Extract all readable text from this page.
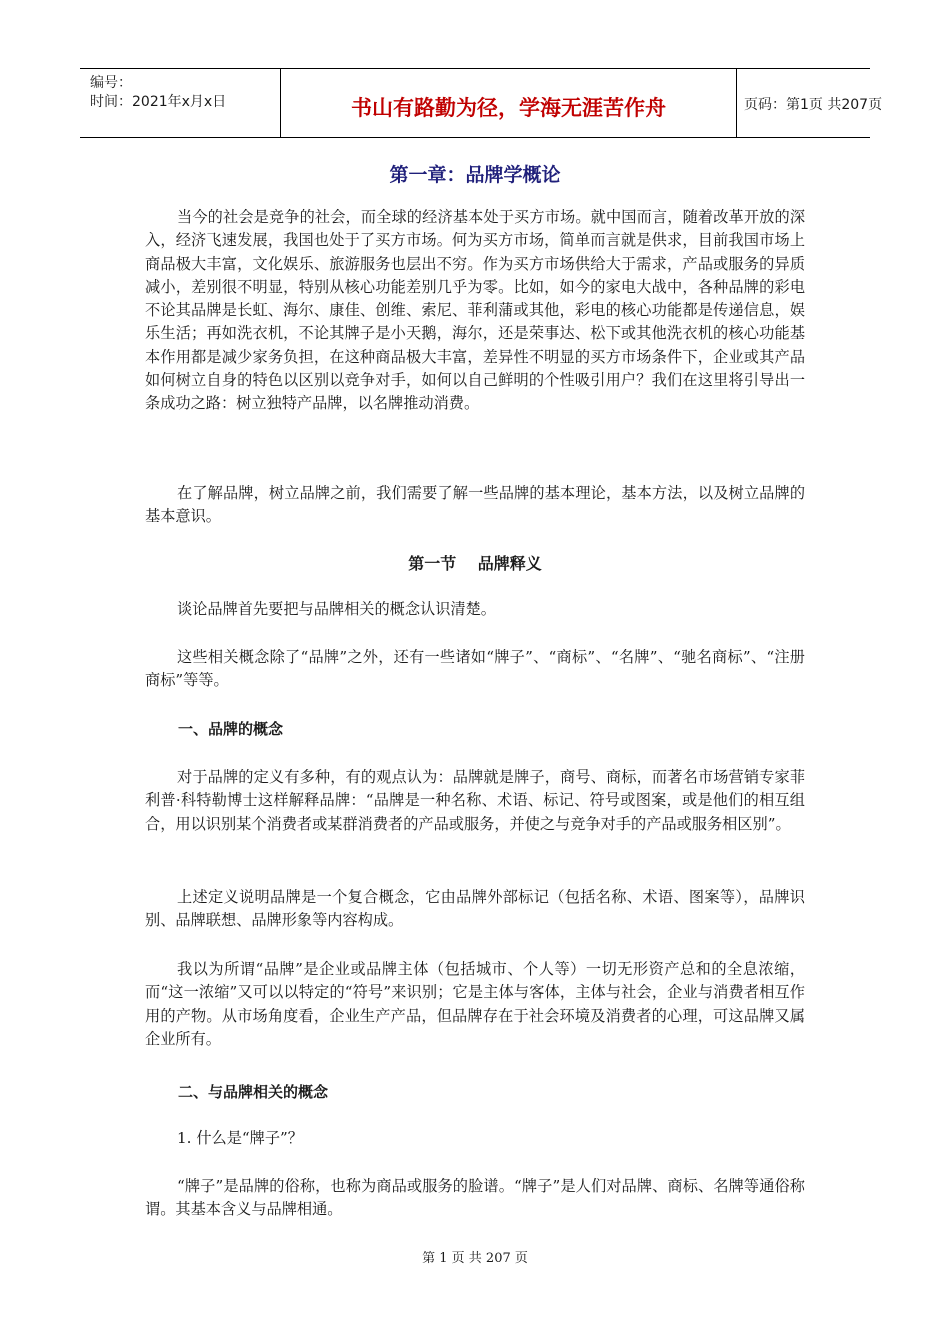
编号：
时间：2021年x月x日	书山有路勤为径，学海无涯苦作舟	页码：第1页 共207页
第一章：品牌学概论

当今的社会是竞争的社会，而全球的经济基本处于买方市场。就中国而言，随着改革开放的深入，经济飞速发展，我国也处于了买方市场。何为买方市场，简单而言就是供求，目前我国市场上商品极大丰富，文化娱乐、旅游服务也层出不穷。作为买方市场供给大于需求，产品或服务的异质减小，差别很不明显，特别从核心功能差别几乎为零。比如，如今的家电大战中，各种品牌的彩电不论其品牌是长虹、海尔、康佳、创维、索尼、菲利蒲或其他，彩电的核心功能都是传递信息，娱乐生活；再如洗衣机，不论其牌子是小天鹅，海尔，还是荣事达、松下或其他洗衣机的核心功能基本作用都是减少家务负担，在这种商品极大丰富，差异性不明显的买方市场条件下，企业或其产品如何树立自身的特色以区别以竞争对手，如何以自己鲜明的个性吸引用户？我们在这里将引导出一条成功之路：树立独特产品牌，以名牌推动消费。

在了解品牌，树立品牌之前，我们需要了解一些品牌的基本理论，基本方法，以及树立品牌的基本意识。

第一节 品牌释义

谈论品牌首先要把与品牌相关的概念认识清楚。

这些相关概念除了“品牌”之外，还有一些诸如“牌子”、“商标”、“名牌”、“驰名商标”、“注册商标”等等。

一、品牌的概念

对于品牌的定义有多种，有的观点认为：品牌就是牌子，商号、商标，而著名市场营销专家菲利普·科特勒博士这样解释品牌：“品牌是一种名称、术语、标记、符号或图案，或是他们的相互组合，用以识别某个消费者或某群消费者的产品或服务，并使之与竞争对手的产品或服务相区别”。

上述定义说明品牌是一个复合概念，它由品牌外部标记（包括名称、术语、图案等），品牌识别、品牌联想、品牌形象等内容构成。

我以为所谓“品牌”是企业或品牌主体（包括城市、个人等）一切无形资产总和的全息浓缩，而“这一浓缩”又可以以特定的“符号”来识别；它是主体与客体，主体与社会，企业与消费者相互作用的产物。从市场角度看，企业生产产品，但品牌存在于社会环境及消费者的心理，可这品牌又属企业所有。

二、与品牌相关的概念

1. 什么是“牌子”？

“牌子”是品牌的俗称，也称为商品或服务的脸谱。“牌子”是人们对品牌、商标、名牌等通俗称谓。其基本含义与品牌相通。

第 1 页 共 207 页
